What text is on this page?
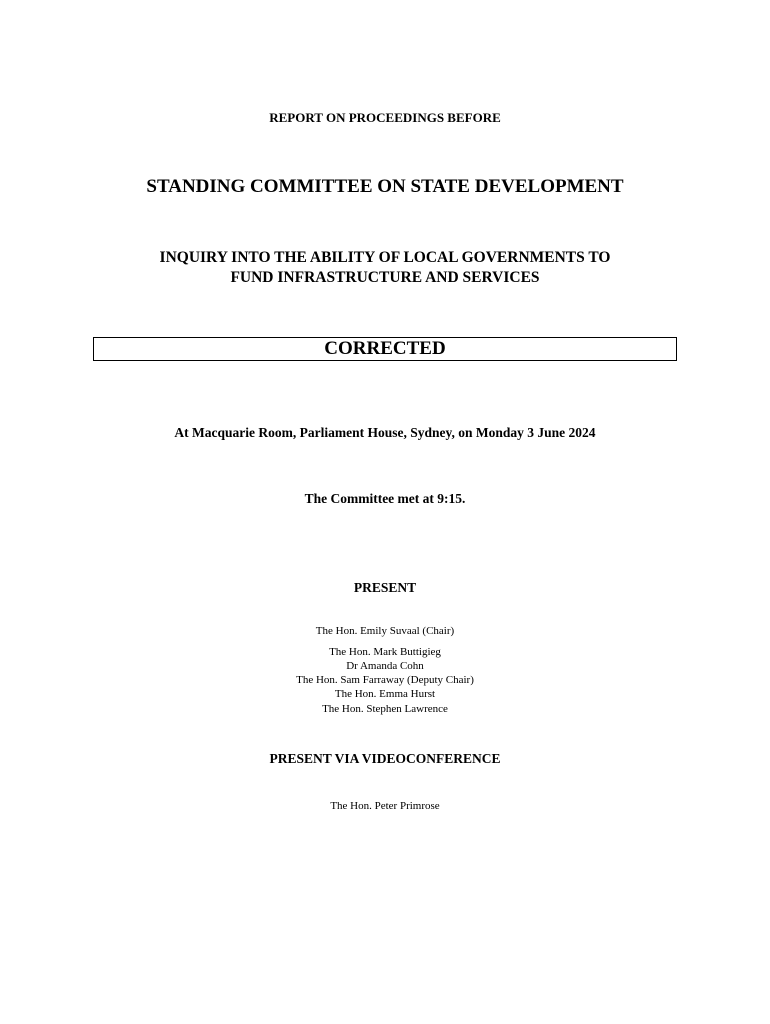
REPORT ON PROCEEDINGS BEFORE
STANDING COMMITTEE ON STATE DEVELOPMENT
INQUIRY INTO THE ABILITY OF LOCAL GOVERNMENTS TO
FUND INFRASTRUCTURE AND SERVICES
CORRECTED
At Macquarie Room, Parliament House, Sydney, on Monday 3 June 2024
The Committee met at 9:15.
PRESENT
The Hon. Emily Suvaal (Chair)
The Hon. Mark Buttigieg
Dr Amanda Cohn
The Hon. Sam Farraway (Deputy Chair)
The Hon. Emma Hurst
The Hon. Stephen Lawrence
PRESENT VIA VIDEOCONFERENCE
The Hon. Peter Primrose
